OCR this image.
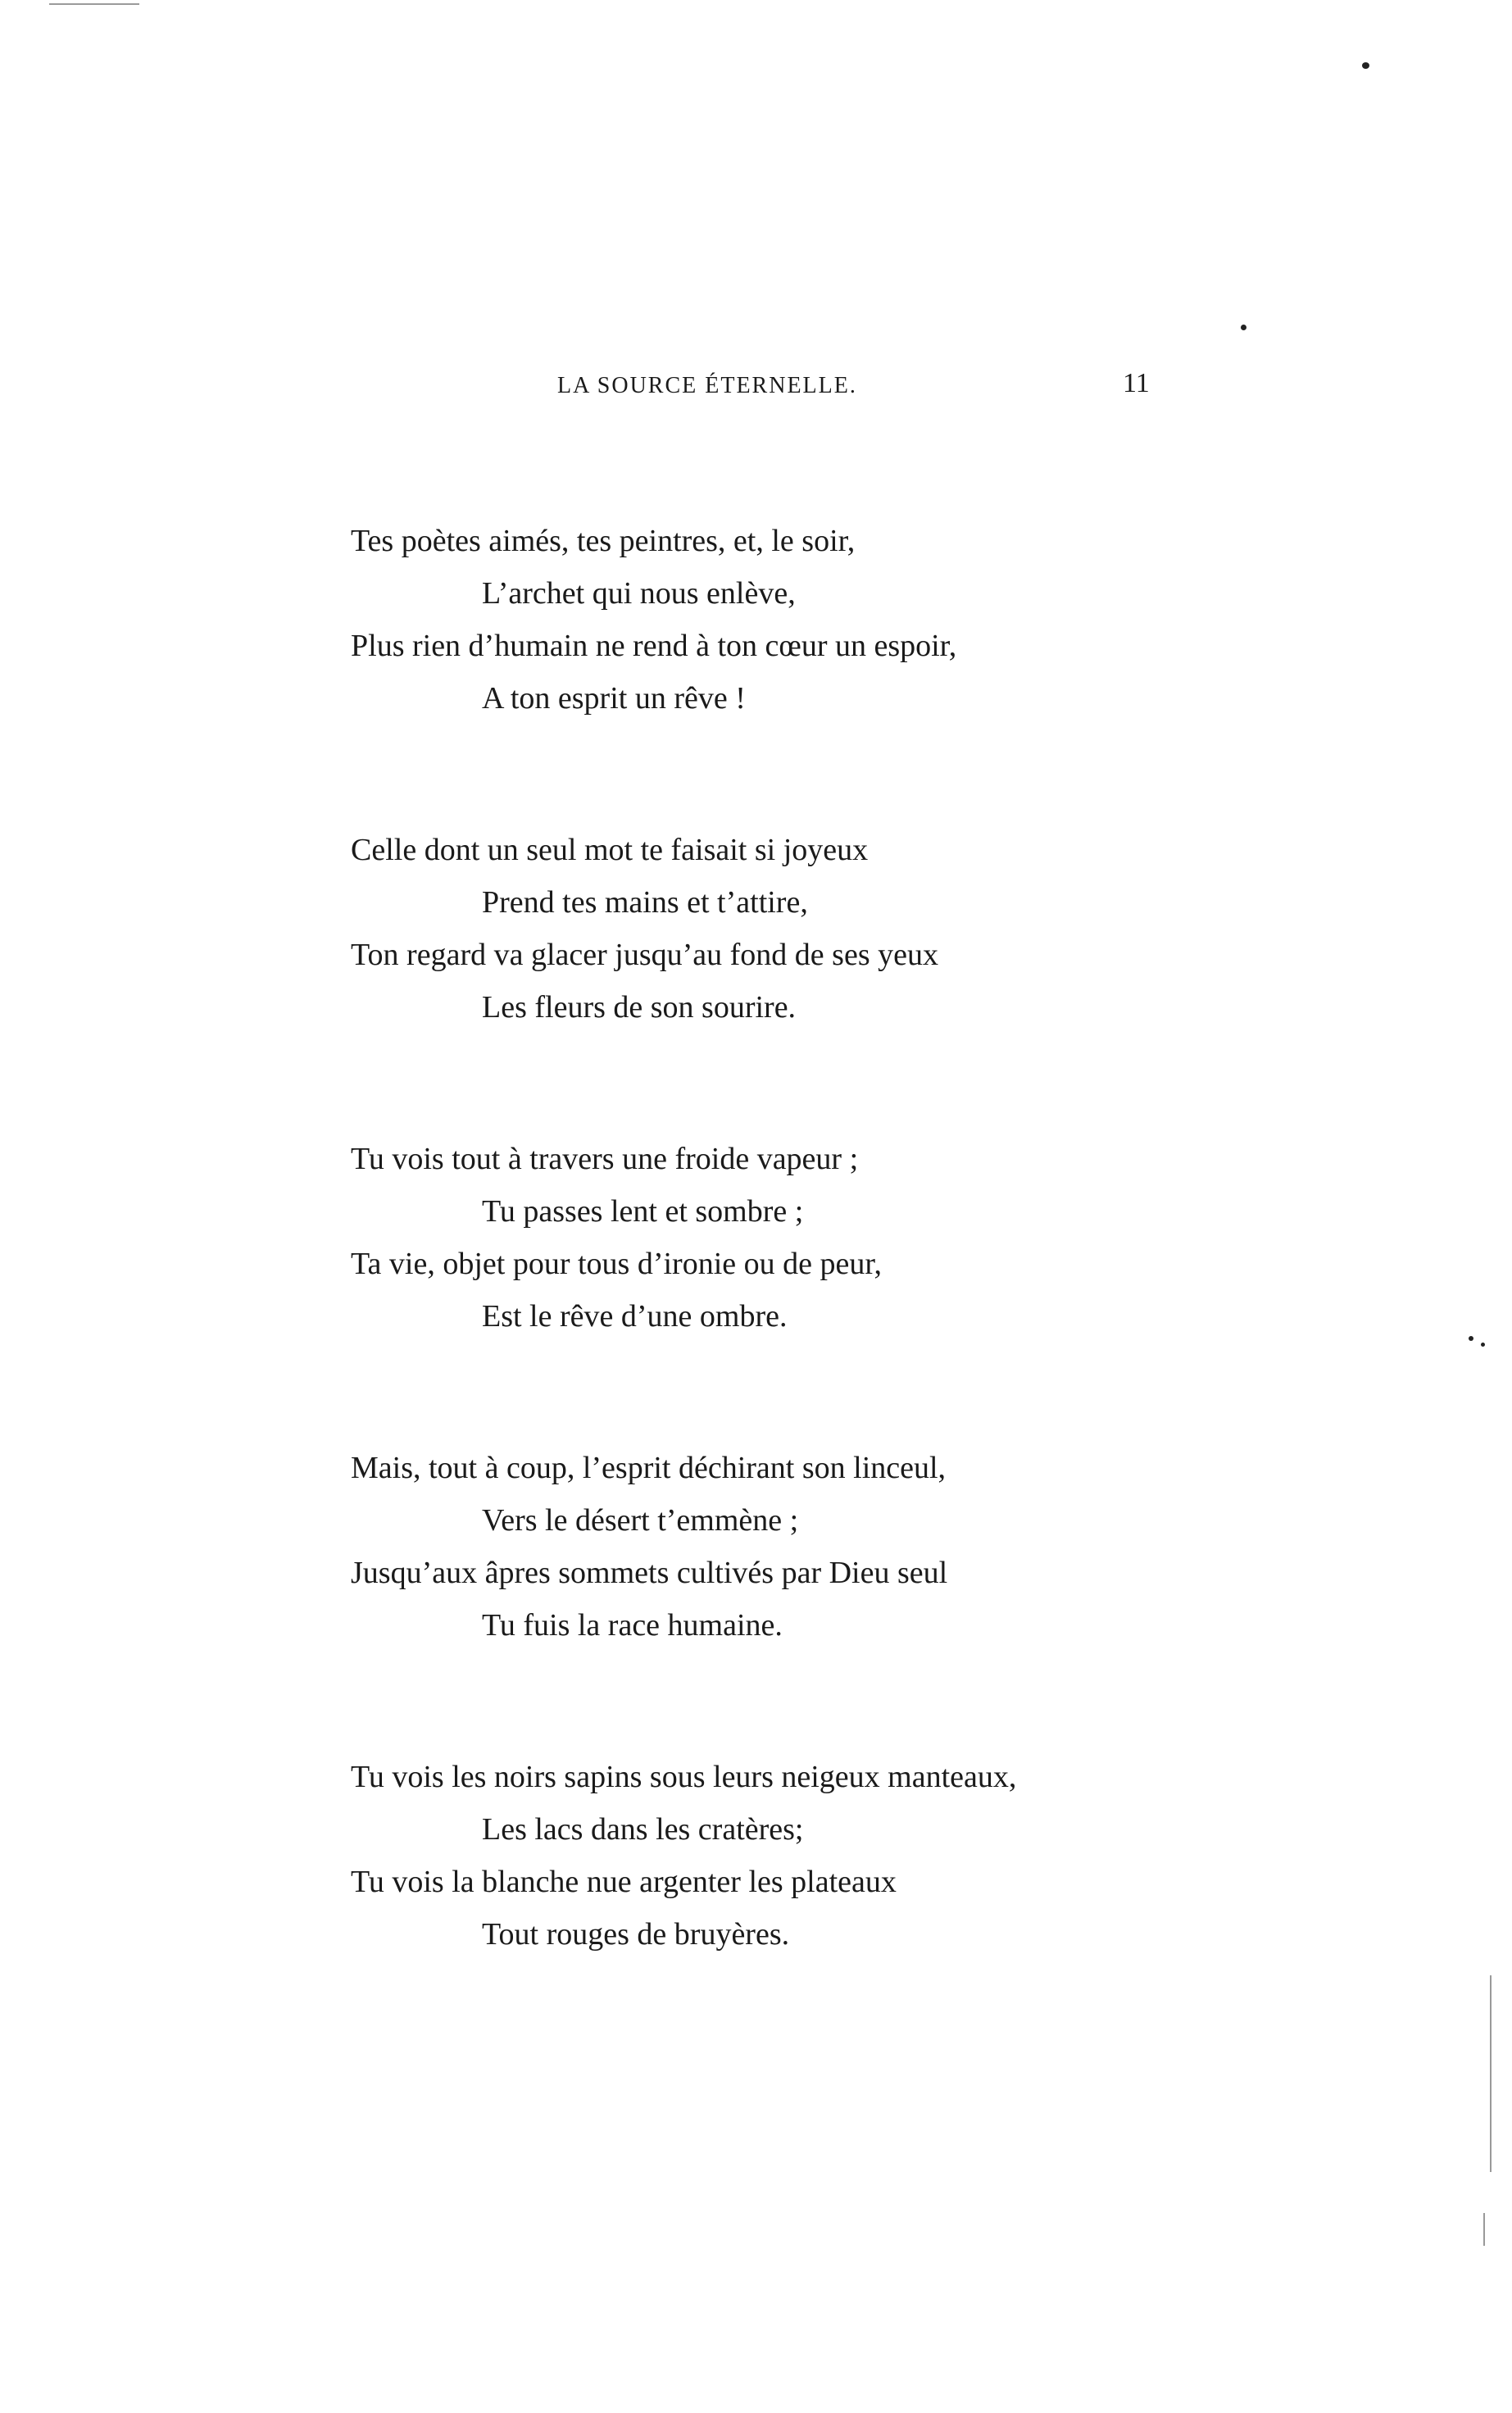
LA SOURCE ÉTERNELLE.	11
Tes poètes aimés, tes peintres, et, le soir,
L’archet qui nous enlève,
Plus rien d’humain ne rend à ton cœur un espoir,
A ton esprit un rêve !
Celle dont un seul mot te faisait si joyeux
Prend tes mains et t’attire,
Ton regard va glacer jusqu’au fond de ses yeux
Les fleurs de son sourire.
Tu vois tout à travers une froide vapeur ;
Tu passes lent et sombre ;
Ta vie, objet pour tous d’ironie ou de peur,
Est le rêve d’une ombre.
Mais, tout à coup, l’esprit déchirant son linceul,
Vers le désert t’emmène ;
Jusqu’aux âpres sommets cultivés par Dieu seul
Tu fuis la race humaine.
Tu vois les noirs sapins sous leurs neigeux manteaux,
Les lacs dans les cratères;
Tu vois la blanche nue argenter les plateaux
Tout rouges de bruyères.
